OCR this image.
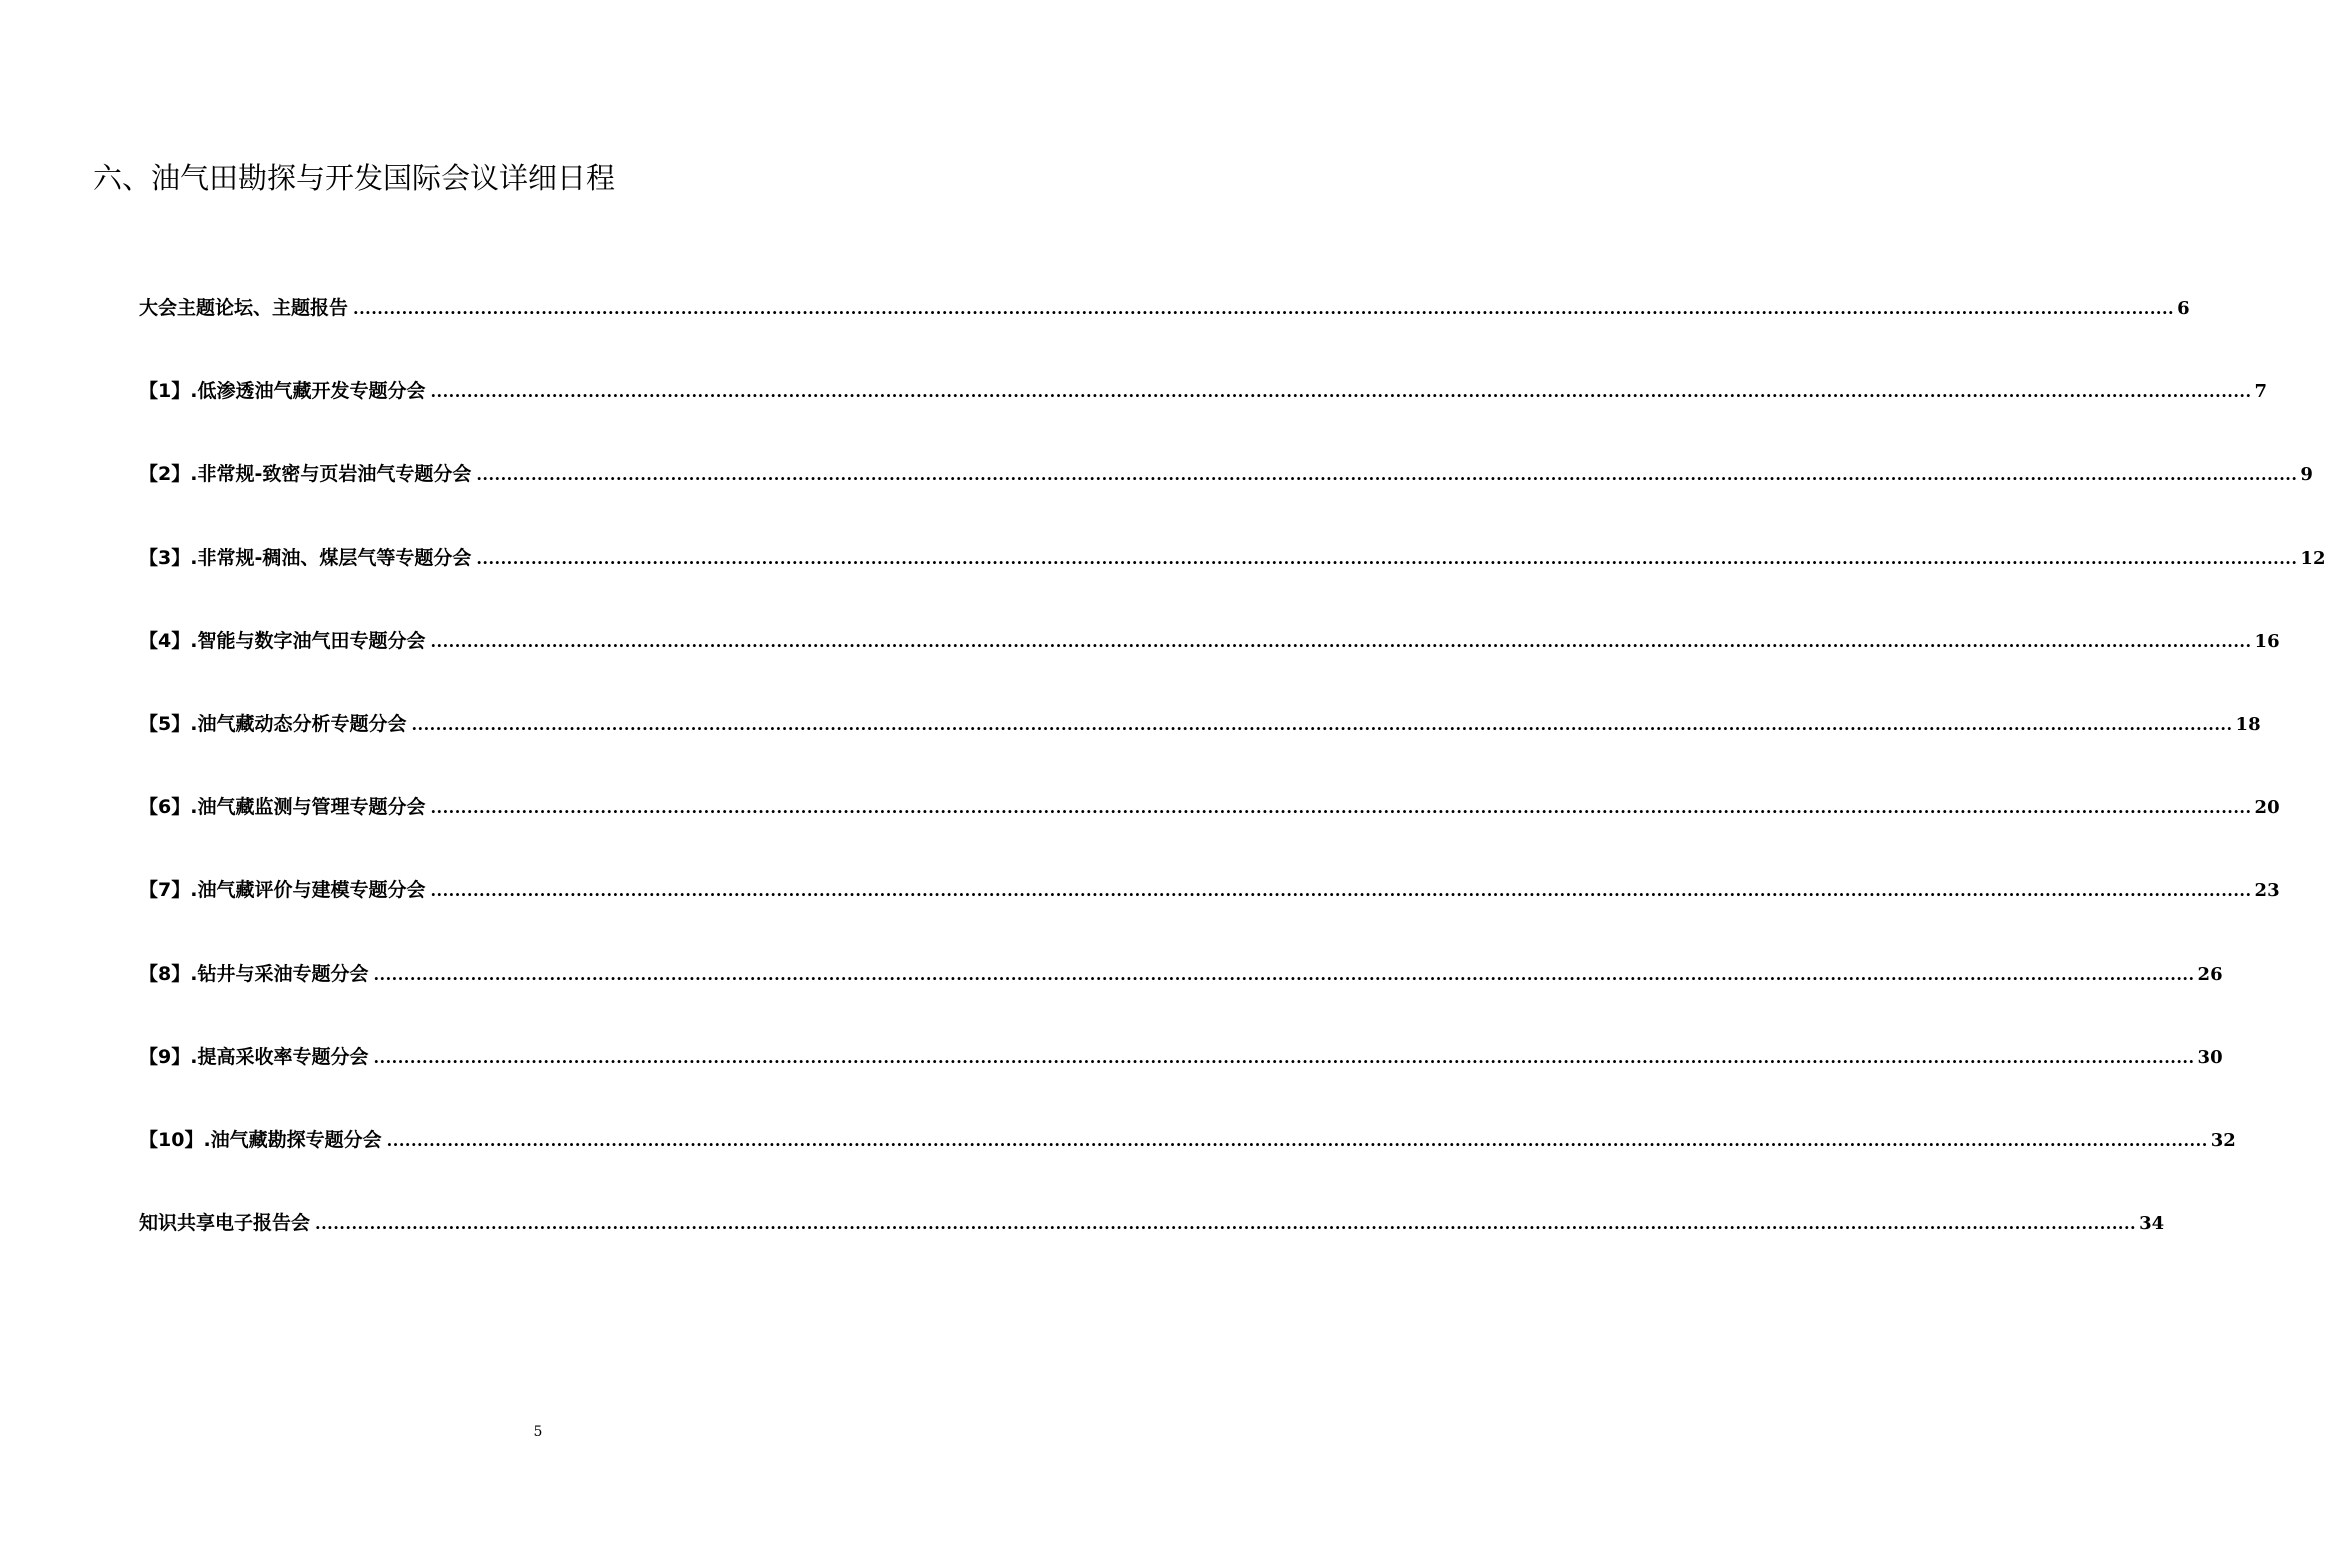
六、油气田勘探与开发国际会议详细日程
大会主题论坛、主题报告 ............................................................................................................................................................................................................................................................................................................ 6
【1】.低渗透油气藏开发专题分会 ............................................................................................................................................................................................................................................................................................................ 7
【2】.非常规-致密与页岩油气专题分会 ............................................................................................................................................................................................................................................................................................................ 9
【3】.非常规-稠油、煤层气等专题分会 ............................................................................................................................................................................................................................................................................................................ 12
【4】.智能与数字油气田专题分会 ............................................................................................................................................................................................................................................................................................................ 16
【5】.油气藏动态分析专题分会 ............................................................................................................................................................................................................................................................................................................ 18
【6】.油气藏监测与管理专题分会 ............................................................................................................................................................................................................................................................................................................ 20
【7】.油气藏评价与建模专题分会 ............................................................................................................................................................................................................................................................................................................ 23
【8】.钻井与采油专题分会 ............................................................................................................................................................................................................................................................................................................ 26
【9】.提高采收率专题分会 ............................................................................................................................................................................................................................................................................................................ 30
【10】.油气藏勘探专题分会 ............................................................................................................................................................................................................................................................................................................ 32
知识共享电子报告会 ............................................................................................................................................................................................................................................................................................................ 34
5
